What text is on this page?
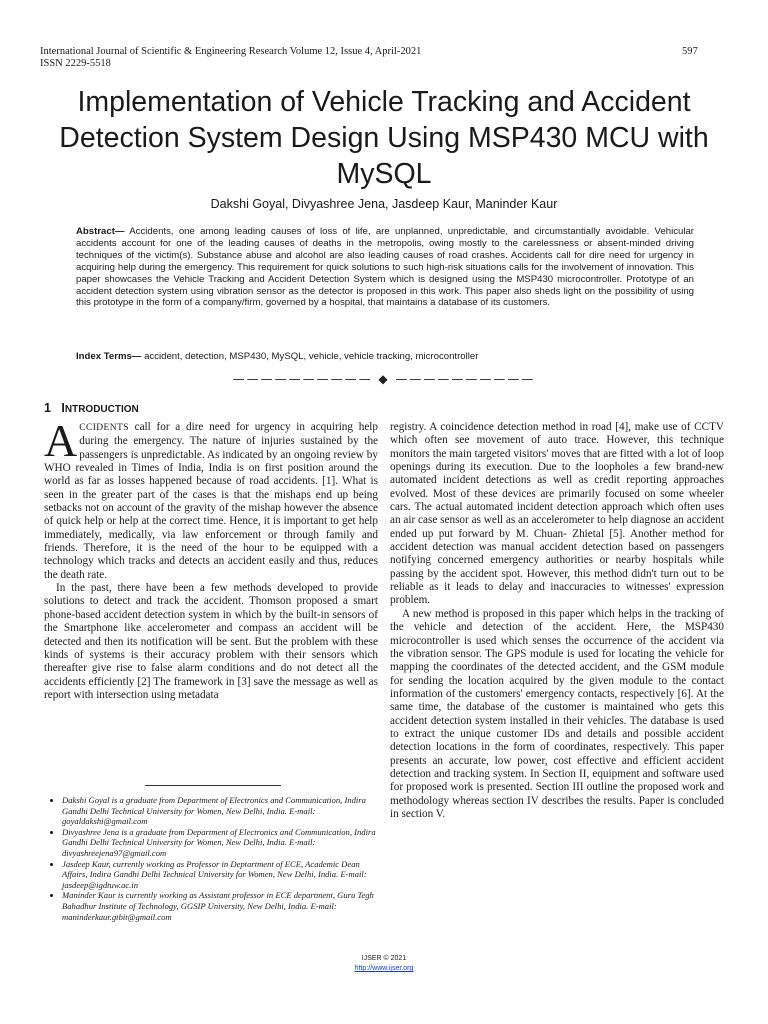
International Journal of Scientific & Engineering Research Volume 12, Issue 4, April-2021
ISSN 2229-5518
597
Implementation of Vehicle Tracking and Accident Detection System Design Using MSP430 MCU with MySQL
Dakshi Goyal, Divyashree Jena, Jasdeep Kaur, Maninder Kaur
Abstract— Accidents, one among leading causes of loss of life, are unplanned, unpredictable, and circumstantially avoidable. Vehicular accidents account for one of the leading causes of deaths in the metropolis, owing mostly to the carelessness or absent-minded driving techniques of the victim(s). Substance abuse and alcohol are also leading causes of road crashes. Accidents call for dire need for urgency in acquiring help during the emergency. This requirement for quick solutions to such high-risk situations calls for the involvement of innovation. This paper showcases the Vehicle Tracking and Accident Detection System which is designed using the MSP430 microcontroller. Prototype of an accident detection system using vibration sensor as the detector is proposed in this work. This paper also sheds light on the possibility of using this prototype in the form of a company/firm, governed by a hospital, that maintains a database of its customers.
Index Terms— accident, detection, MSP430, MySQL, vehicle, vehicle tracking, microcontroller
—————————— ◆ ——————————
1 INTRODUCTION

ACCIDENTS call for a dire need for urgency in acquiring help during the emergency. The nature of injuries sustained by the passengers is unpredictable. As indicated by an ongoing review by WHO revealed in Times of India, India is on first position around the world as far as losses happened because of road accidents. [1]. What is seen in the greater part of the cases is that the mishaps end up being setbacks not on account of the gravity of the mishap however the absence of quick help or help at the correct time. Hence, it is important to get help immediately, medically, via law enforcement or through family and friends. Therefore, it is the need of the hour to be equipped with a technology which tracks and detects an accident easily and thus, reduces the death rate.

In the past, there have been a few methods developed to provide solutions to detect and track the accident. Thomson proposed a smart phone-based accident detection system in which by the built-in sensors of the Smartphone like accelerometer and compass an accident will be detected and then its notification will be sent. But the problem with these kinds of systems is their accuracy problem with their sensors which thereafter give rise to false alarm conditions and do not detect all the accidents efficiently [2] The framework in [3] save the message as well as report with intersection using metadata

• Dakshi Goyal is a graduate from Department of Electronics and Communication, Indira Gandhi Delhi Technical University for Women, New Delhi, India. E-mail: goyaldakshi@gmail.com
• Divyashree Jena is a graduate from Department of Electronics and Communication, Indira Gandhi Delhi Technical University for Women, New Delhi, India. E-mail: divyashreejena97@gmail.com
• Jasdeep Kaur, currently working as Professor in Deptartment of ECE, Academic Dean Affairs, Indira Gandhi Delhi Technical University for Women, New Delhi, India. E-mail: jasdeep@igdtuw.ac.in
• Maninder Kaur is currently working as Assistant professor in ECE department, Guru Tegh Bahadhur Institute of Technology, GGSIP University, New Delhi, India. E-mail: maninderkaur.gtbit@gmail.com

registry. A coincidence detection method in road [4], make use of CCTV which often see movement of auto trace. However, this technique monitors the main targeted visitors' moves that are fitted with a lot of loop openings during its execution. Due to the loopholes a few brand-new automated incident detections as well as credit reporting approaches evolved. Most of these devices are primarily focused on some wheeler cars. The actual automated incident detection approach which often uses an air case sensor as well as an accelerometer to help diagnose an accident ended up put forward by M. Chuan- Zhietal [5]. Another method for accident detection was manual accident detection based on passengers notifying concerned emergency authorities or nearby hospitals while passing by the accident spot. However, this method didn't turn out to be reliable as it leads to delay and inaccuracies to witnesses' expression problem.

A new method is proposed in this paper which helps in the tracking of the vehicle and detection of the accident. Here, the MSP430 microcontroller is used which senses the occurrence of the accident via the vibration sensor. The GPS module is used for locating the vehicle for mapping the coordinates of the detected accident, and the GSM module for sending the location acquired by the given module to the contact information of the customers' emergency contacts, respectively [6]. At the same time, the database of the customer is maintained who gets this accident detection system installed in their vehicles. The database is used to extract the unique customer IDs and details and possible accident detection locations in the form of coordinates, respectively. This paper presents an accurate, low power, cost effective and efficient accident detection and tracking system. In Section II, equipment and software used for proposed work is presented. Section III outline the proposed work and methodology whereas section IV describes the results. Paper is concluded in section V.

IJSER © 2021
http://www.ijser.org
